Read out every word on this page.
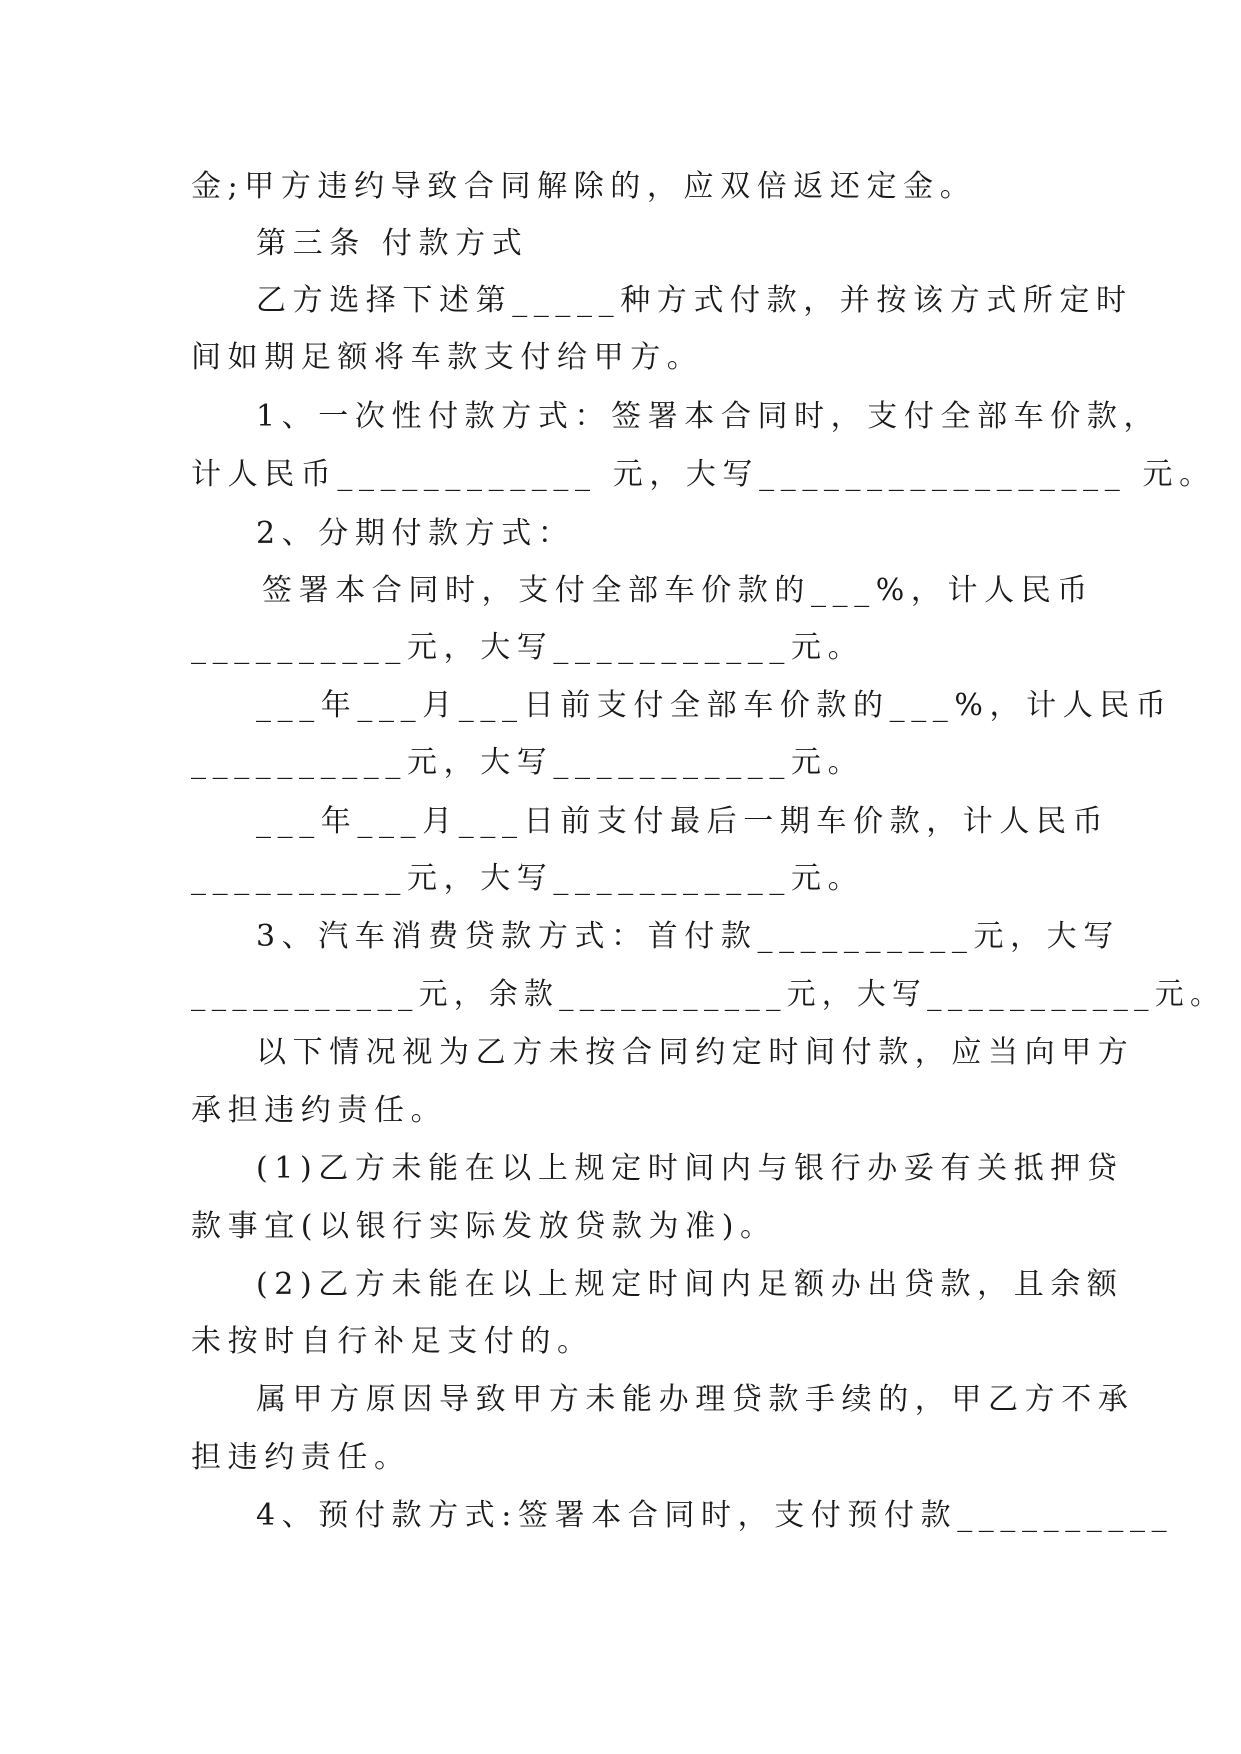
金;甲方违约导致合同解除的，应双倍返还定金。
第三条 付款方式
乙方选择下述第_____种方式付款，并按该方式所定时
间如期足额将车款支付给甲方。
1、一次性付款方式：签署本合同时，支付全部车价款，
计人民币____________ 元，大写_________________ 元。
2、分期付款方式：
签署本合同时，支付全部车价款的___%，计人民币
__________元，大写___________元。
___年___月___日前支付全部车价款的___%，计人民币
__________元，大写___________元。
___年___月___日前支付最后一期车价款，计人民币
__________元，大写___________元。
3、汽车消费贷款方式：首付款__________元，大写
___________元，余款___________元，大写___________元。
以下情况视为乙方未按合同约定时间付款，应当向甲方
承担违约责任。
(1)乙方未能在以上规定时间内与银行办妥有关抵押贷
款事宜(以银行实际发放贷款为准)。
(2)乙方未能在以上规定时间内足额办出贷款，且余额
未按时自行补足支付的。
属甲方原因导致甲方未能办理贷款手续的，甲乙方不承
担违约责任。
4、预付款方式:签署本合同时，支付预付款__________
